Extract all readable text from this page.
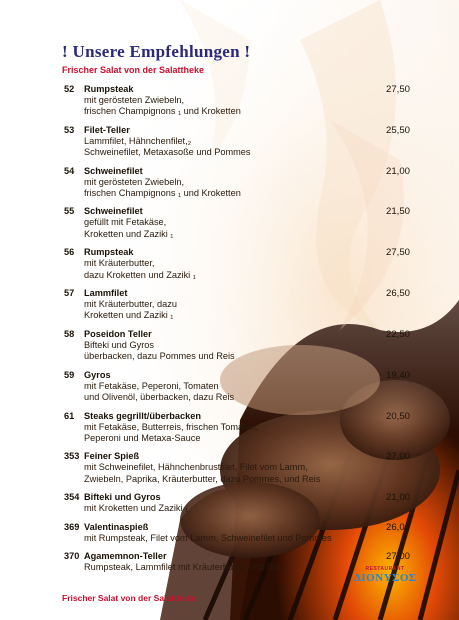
! Unsere Empfehlungen !
Frischer Salat von der Salattheke
52	Rumpsteak	27,50
mit gerösteten Zwiebeln,
frischen Champignons ₁ und Kroketten
53	Filet-Teller	25,50
Lammfilet, Hähnchenfilet,₂
Schweinefilet, Metaxasoße und Pommes
54	Schweinefilet	21,00
mit gerösteten Zwiebeln,
frischen Champignons ₁ und Kroketten
55	Schweinefilet	21,50
gefüllt mit Fetakäse,
Kroketten und Zaziki ₁
56	Rumpsteak	27,50
mit Kräuterbutter,
dazu Kroketten und Zaziki ₁
57	Lammfilet	26,50
mit Kräuterbutter, dazu
Kroketten und Zaziki ₁
58	Poseidon Teller	22,50
Bifteki und Gyros
überbacken, dazu Pommes und Reis
59	Gyros	19,40
mit Fetakäse, Peperoni, Tomaten
und Olivenöl, überbacken, dazu Reis
61	Steaks gegrillt/überbacken	20,50
mit Fetakäse, Butterreis, frischen Tomaten,
Peperoni und Metaxa-Sauce
353 Feiner Spieß	27,00
mit Schweinefilet, Hähnchenbrustfilet, Filet vom Lamm,
Zwiebeln, Paprika, Kräuterbutter, dazu Pommes, und Reis
354 Bifteki und Gyros	21,00
mit Kroketten und Zaziki ₁
369 Valentinaspieß	26,00
mit Rumpsteak, Filet vom Lamm, Schweinefilet und Pommes
370 Agamemnon-Teller	27,00
Rumpsteak, Lammfilet mit Kräuterbutter und Reis
Frischer Salat von der Salattheke
RESTAURANT
ΔΙΟΝΥΣΟΣ
